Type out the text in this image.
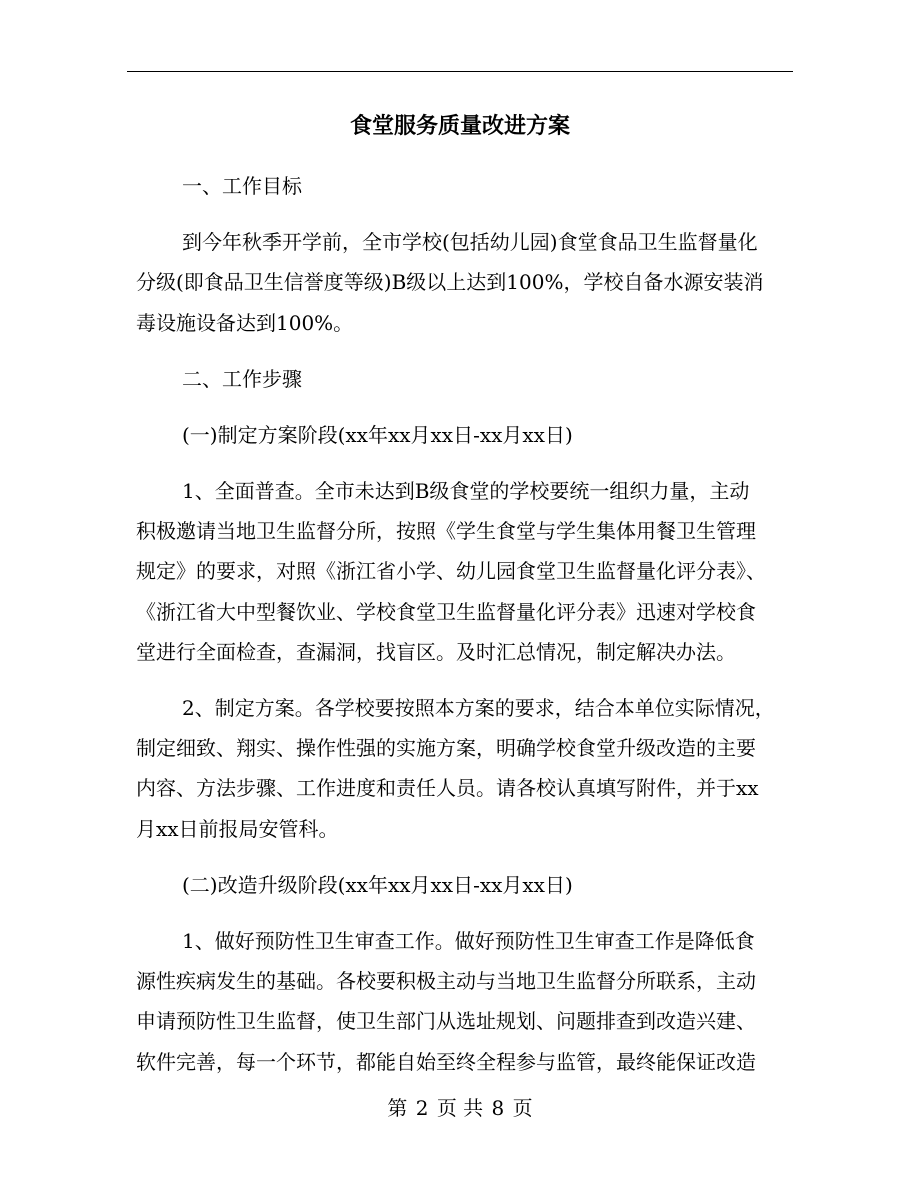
食堂服务质量改进方案
一、工作目标
到今年秋季开学前，全市学校(包括幼儿园)食堂食品卫生监督量化
分级(即食品卫生信誉度等级)B级以上达到100%，学校自备水源安装消
毒设施设备达到100%。
二、工作步骤
(一)制定方案阶段(xx年xx月xx日-xx月xx日)
1、全面普查。全市未达到B级食堂的学校要统一组织力量，主动
积极邀请当地卫生监督分所，按照《学生食堂与学生集体用餐卫生管理
规定》的要求，对照《浙江省小学、幼儿园食堂卫生监督量化评分表》、
《浙江省大中型餐饮业、学校食堂卫生监督量化评分表》迅速对学校食
堂进行全面检查，查漏洞，找盲区。及时汇总情况，制定解决办法。
2、制定方案。各学校要按照本方案的要求，结合本单位实际情况，
制定细致、翔实、操作性强的实施方案，明确学校食堂升级改造的主要
内容、方法步骤、工作进度和责任人员。请各校认真填写附件，并于xx
月xx日前报局安管科。
(二)改造升级阶段(xx年xx月xx日-xx月xx日)
1、做好预防性卫生审查工作。做好预防性卫生审查工作是降低食
源性疾病发生的基础。各校要积极主动与当地卫生监督分所联系，主动
申请预防性卫生监督，使卫生部门从选址规划、问题排查到改造兴建、
软件完善，每一个环节，都能自始至终全程参与监管，最终能保证改造
第 2 页 共 8 页
